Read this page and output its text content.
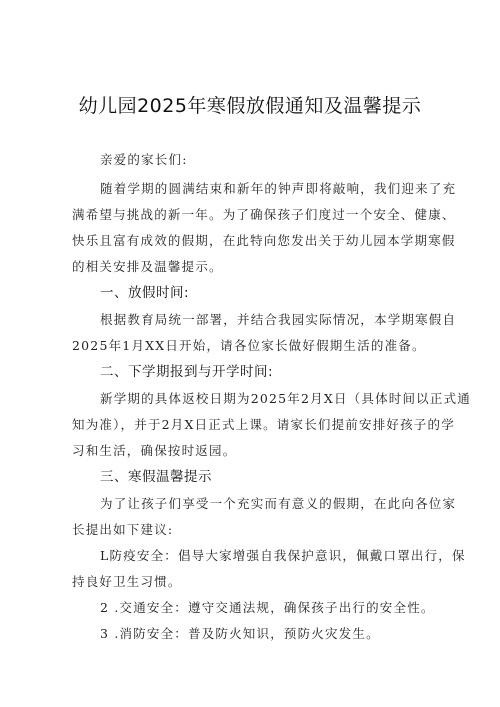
幼儿园2025年寒假放假通知及温馨提示
亲爱的家长们:
随着学期的圆满结束和新年的钟声即将敲响，我们迎来了充
满希望与挑战的新一年。为了确保孩子们度过一个安全、健康、
快乐且富有成效的假期，在此特向您发出关于幼儿园本学期寒假
的相关安排及温馨提示。
一、放假时间:
根据教育局统一部署，并结合我园实际情况，本学期寒假自
2025年1月XX日开始，请各位家长做好假期生活的准备。
二、下学期报到与开学时间:
新学期的具体返校日期为2025年2月X日（具体时间以正式通
知为准），并于2月X日正式上课。请家长们提前安排好孩子的学
习和生活，确保按时返园。
三、寒假温馨提示
为了让孩子们享受一个充实而有意义的假期，在此向各位家
长提出如下建议:
L防疫安全：倡导大家增强自我保护意识，佩戴口罩出行，保
持良好卫生习惯。
2 .交通安全：遵守交通法规，确保孩子出行的安全性。
3 .消防安全：普及防火知识，预防火灾发生。
